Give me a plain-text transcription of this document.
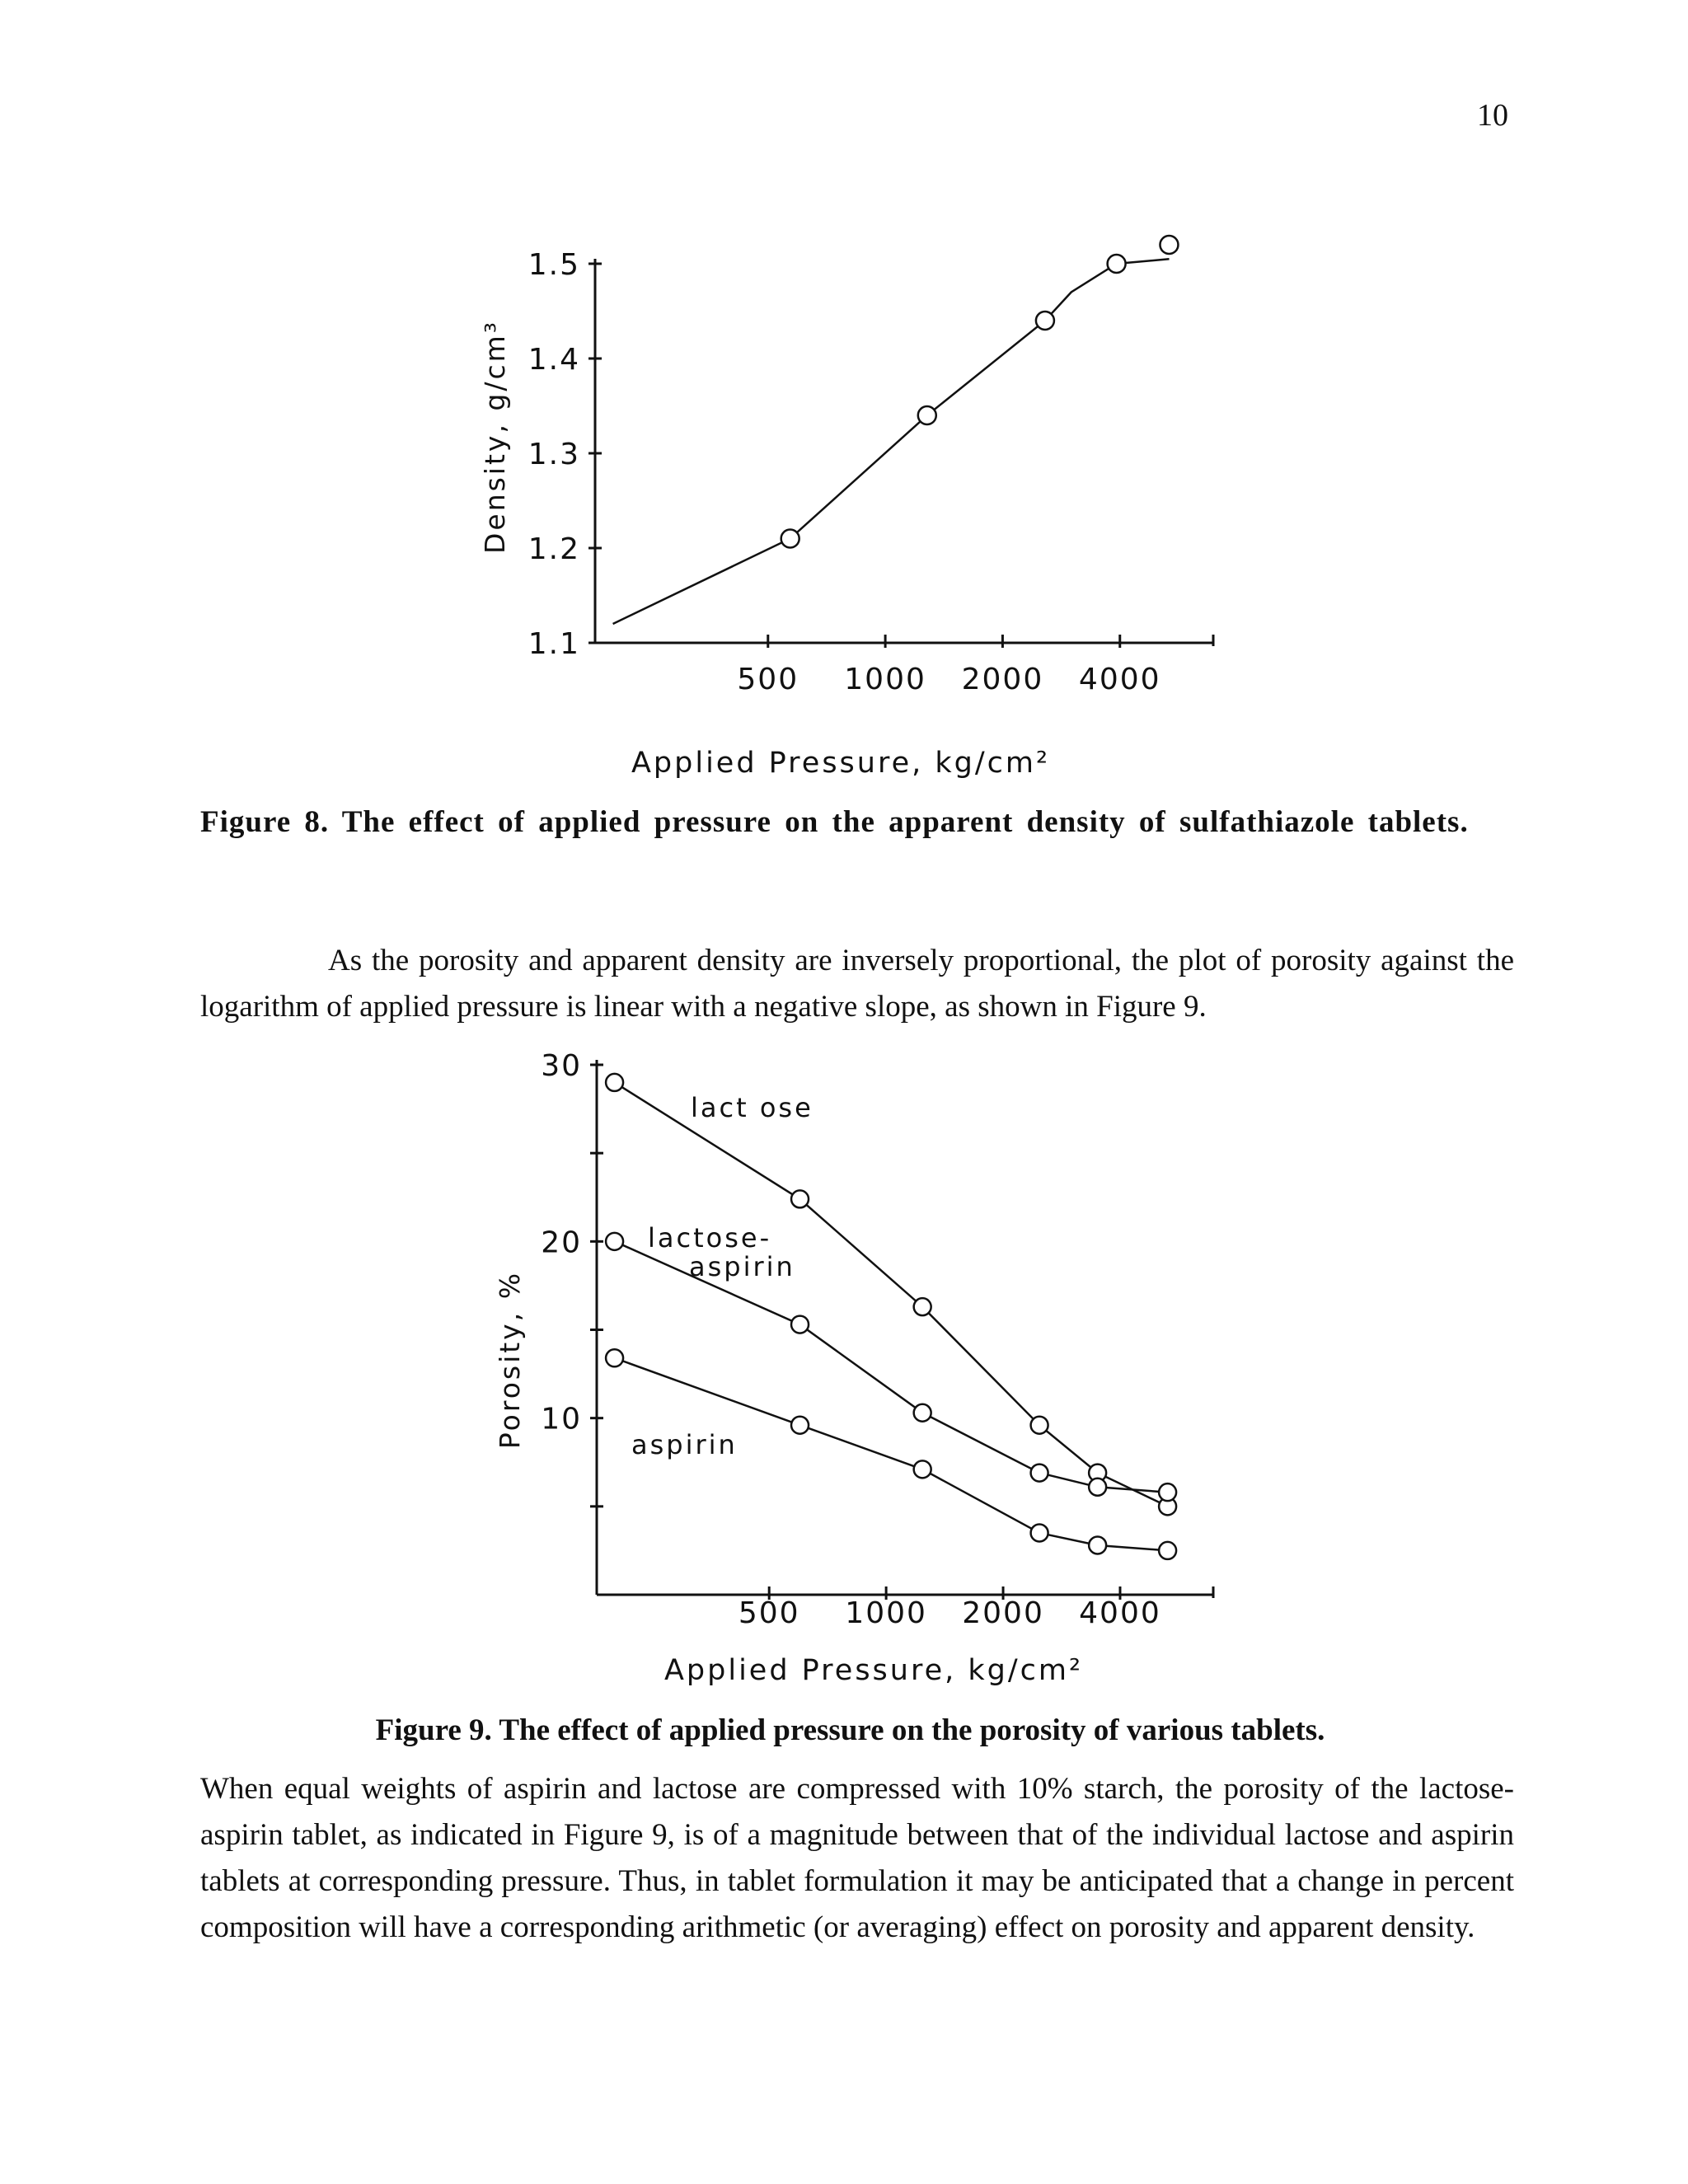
10
500 1000 2000 4000
1.1
1.2
1.3
1.4
1.5
Applied Pressure, kg/cm²
Density, g/cm³
Figure 8. The effect of applied pressure on the apparent density of sulfathiazole tablets.

As the porosity and apparent density are inversely proportional, the plot of porosity against the logarithm of applied pressure is linear with a negative slope, as shown in Figure 9.

500 1000 2000 4000
10
20
30
lact ose
lactose-
aspirin
aspirin
Applied Pressure, kg/cm²
Porosity, %
Figure 9. The effect of applied pressure on the porosity of various tablets.

When equal weights of aspirin and lactose are compressed with 10% starch, the porosity of the lactose-aspirin tablet, as indicated in Figure 9, is of a magnitude between that of the individual lactose and aspirin tablets at corresponding pressure. Thus, in tablet formulation it may be anticipated that a change in percent composition will have a corresponding arithmetic (or averaging) effect on porosity and apparent density.
